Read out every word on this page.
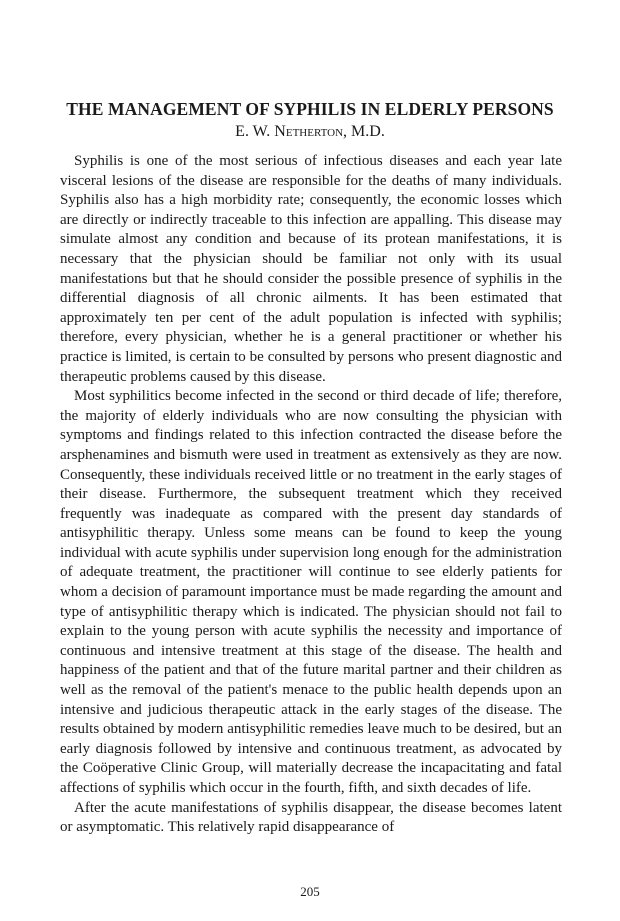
THE MANAGEMENT OF SYPHILIS IN ELDERLY PERSONS
E. W. Netherton, M.D.

Syphilis is one of the most serious of infectious diseases and each year late visceral lesions of the disease are responsible for the deaths of many individuals. Syphilis also has a high morbidity rate; consequently, the economic losses which are directly or indirectly traceable to this infection are appalling. This disease may simulate almost any condition and because of its protean manifestations, it is necessary that the physician should be familiar not only with its usual manifestations but that he should consider the possible presence of syphilis in the differential diagnosis of all chronic ailments. It has been estimated that approximately ten per cent of the adult population is infected with syphilis; therefore, every physician, whether he is a general practitioner or whether his practice is limited, is certain to be consulted by persons who present diagnostic and therapeutic problems caused by this disease.

Most syphilitics become infected in the second or third decade of life; therefore, the majority of elderly individuals who are now consulting the physician with symptoms and findings related to this infection contracted the disease before the arsphenamines and bismuth were used in treatment as extensively as they are now. Consequently, these individuals received little or no treatment in the early stages of their disease. Furthermore, the subsequent treatment which they received frequently was inadequate as compared with the present day standards of antisyphilitic therapy. Unless some means can be found to keep the young individual with acute syphilis under supervision long enough for the administration of adequate treatment, the practitioner will continue to see elderly patients for whom a decision of paramount importance must be made regarding the amount and type of antisyphilitic therapy which is indicated. The physician should not fail to explain to the young person with acute syphilis the necessity and importance of continuous and intensive treatment at this stage of the disease. The health and happiness of the patient and that of the future marital partner and their children as well as the removal of the patient's menace to the public health depends upon an intensive and judicious therapeutic attack in the early stages of the disease. The results obtained by modern antisyphilitic remedies leave much to be desired, but an early diagnosis followed by intensive and continuous treatment, as advocated by the Coöperative Clinic Group, will materially decrease the incapacitating and fatal affections of syphilis which occur in the fourth, fifth, and sixth decades of life.

After the acute manifestations of syphilis disappear, the disease becomes latent or asymptomatic. This relatively rapid disappearance of

205
